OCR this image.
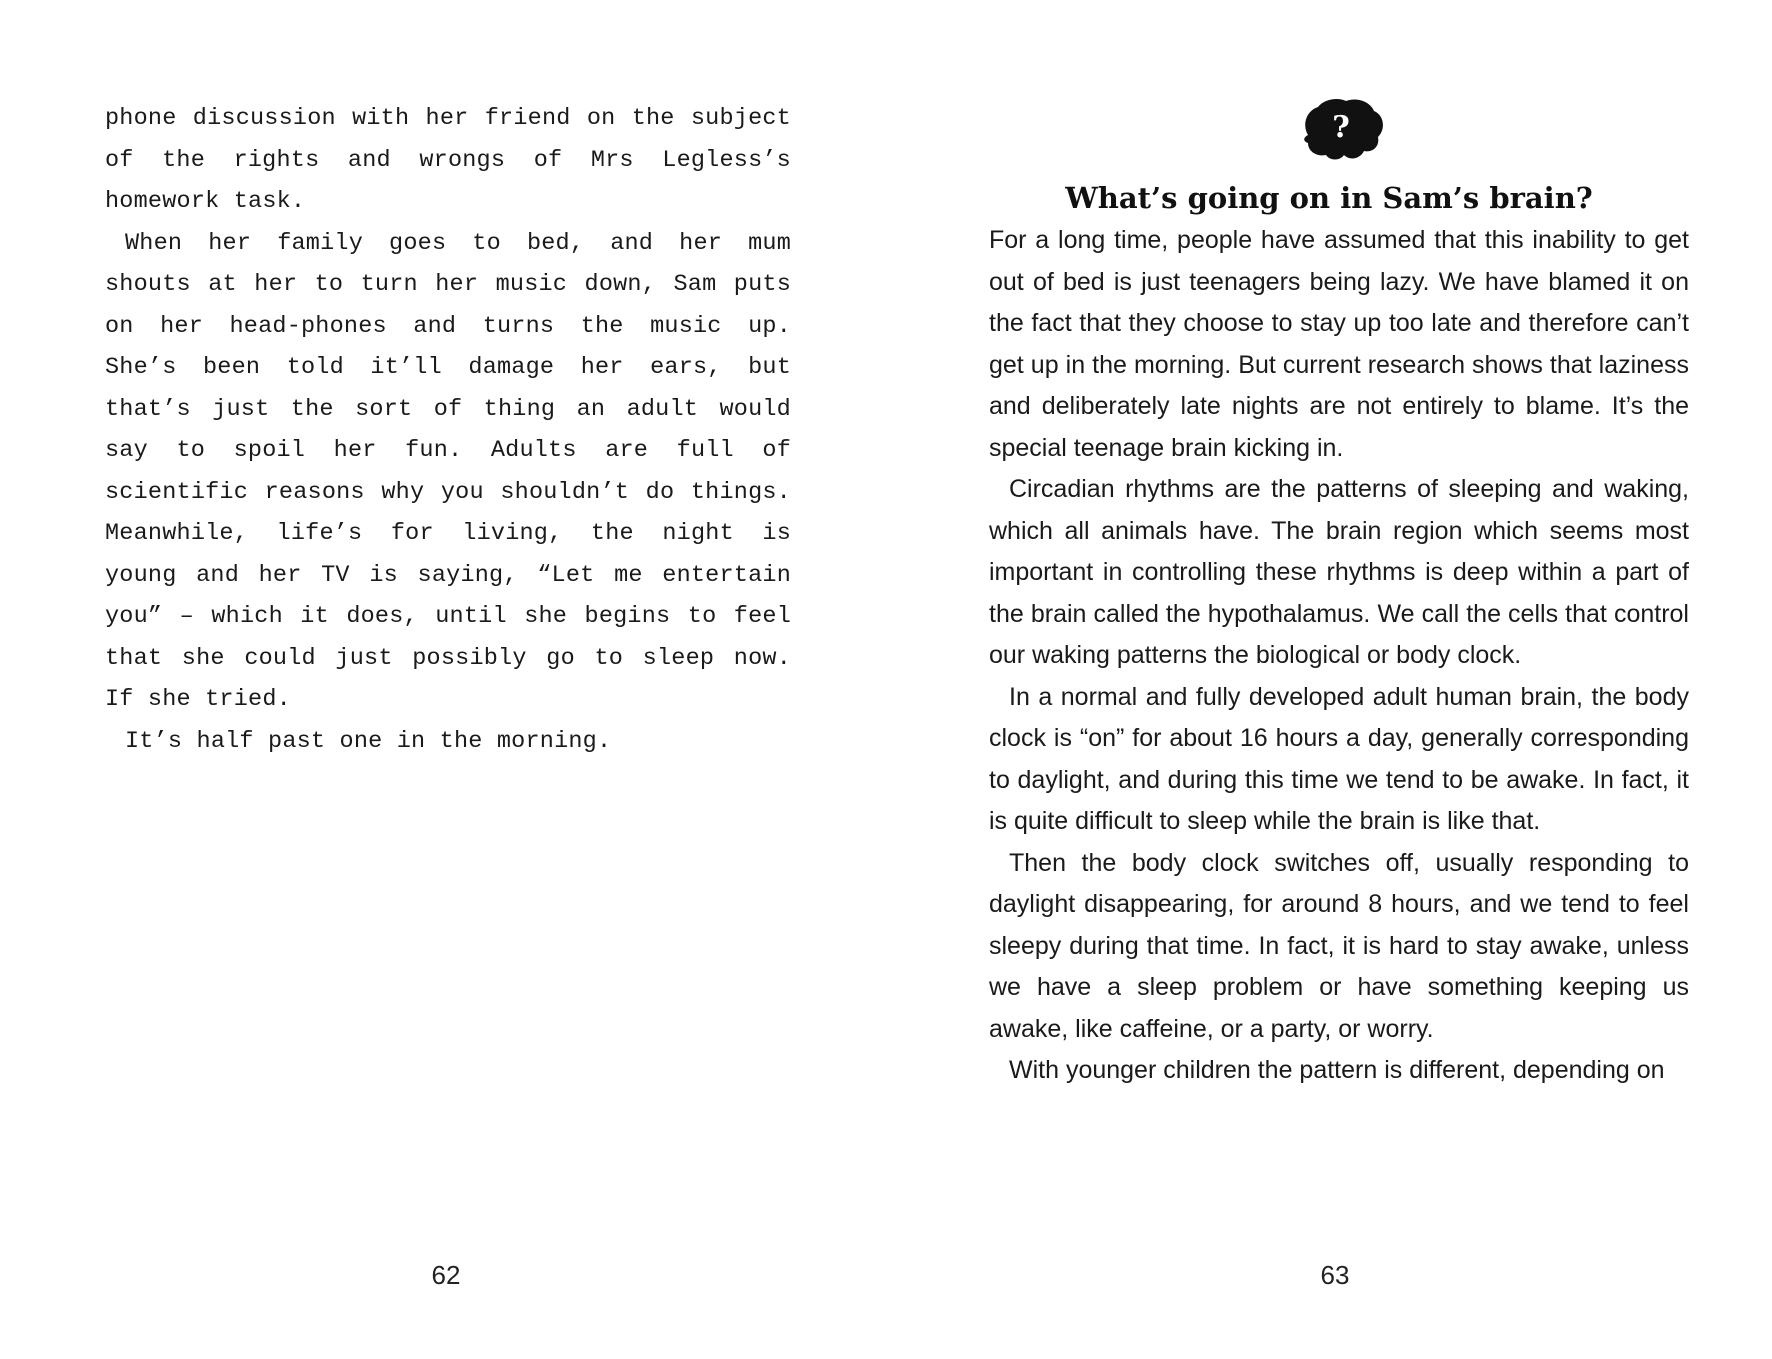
phone discussion with her friend on the subject of the rights and wrongs of Mrs Legless’s homework task.

When her family goes to bed, and her mum shouts at her to turn her music down, Sam puts on her head-phones and turns the music up. She’s been told it’ll damage her ears, but that’s just the sort of thing an adult would say to spoil her fun. Adults are full of scientific reasons why you shouldn’t do things. Meanwhile, life’s for living, the night is young and her TV is saying, “Let me entertain you” – which it does, until she begins to feel that she could just possibly go to sleep now. If she tried.

It’s half past one in the morning.

62
?
What’s going on in Sam’s brain?

For a long time, people have assumed that this inability to get out of bed is just teenagers being lazy. We have blamed it on the fact that they choose to stay up too late and therefore can’t get up in the morning. But current research shows that laziness and deliberately late nights are not entirely to blame. It’s the special teenage brain kicking in.

Circadian rhythms are the patterns of sleeping and waking, which all animals have. The brain region which seems most important in controlling these rhythms is deep within a part of the brain called the hypothalamus. We call the cells that control our waking patterns the biological or body clock.

In a normal and fully developed adult human brain, the body clock is “on” for about 16 hours a day, generally corresponding to daylight, and during this time we tend to be awake. In fact, it is quite difficult to sleep while the brain is like that.

Then the body clock switches off, usually responding to daylight disappearing, for around 8 hours, and we tend to feel sleepy during that time. In fact, it is hard to stay awake, unless we have a sleep problem or have something keeping us awake, like caffeine, or a party, or worry.

With younger children the pattern is different, depending on

63
